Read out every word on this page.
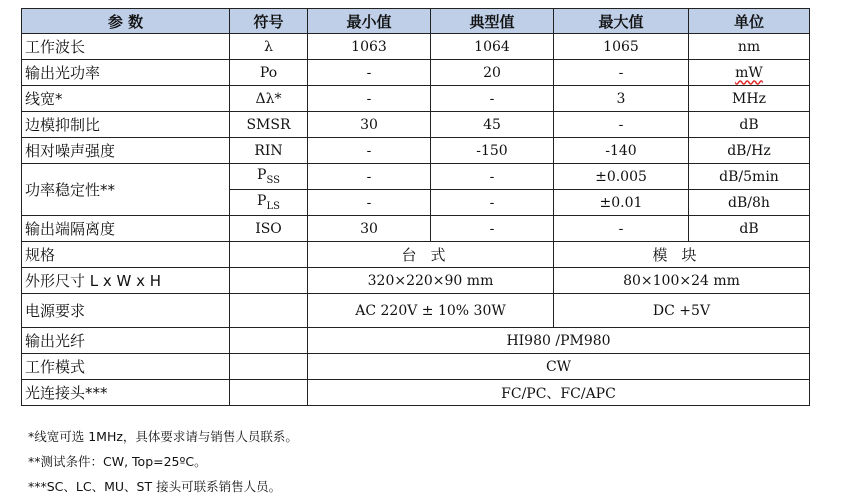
参 数	符号	最小值	典型值	最大值	单位
工作波长	λ	1063	1064	1065	nm
输出光功率	Po	-	20	-	mW
线宽*	Δλ*	-	-	3	MHz
边模抑制比	SMSR	30	45	-	dB
相对噪声强度	RIN	-	-150	-140	dB/Hz
功率稳定性**	$P_{SS}$	-	-	±0.005	dB/5min
	$P_{LS}$	-	-	±0.01	dB/8h
输出端隔离度	ISO	30	-	-	dB
规格		台式		模块	
外形尺寸 L x W x H		320×220×90 mm		80×100×24 mm	
电源要求		AC 220V ± 10% 30W		DC +5V	
输出光纤		HI980 /PM980			
工作模式		CW			
光连接头***		FC/PC、FC/APC			
*线宽可选 1MHz，具体要求请与销售人员联系。
**测试条件：CW, Top=25ºC。
***SC、LC、MU、ST 接头可联系销售人员。
